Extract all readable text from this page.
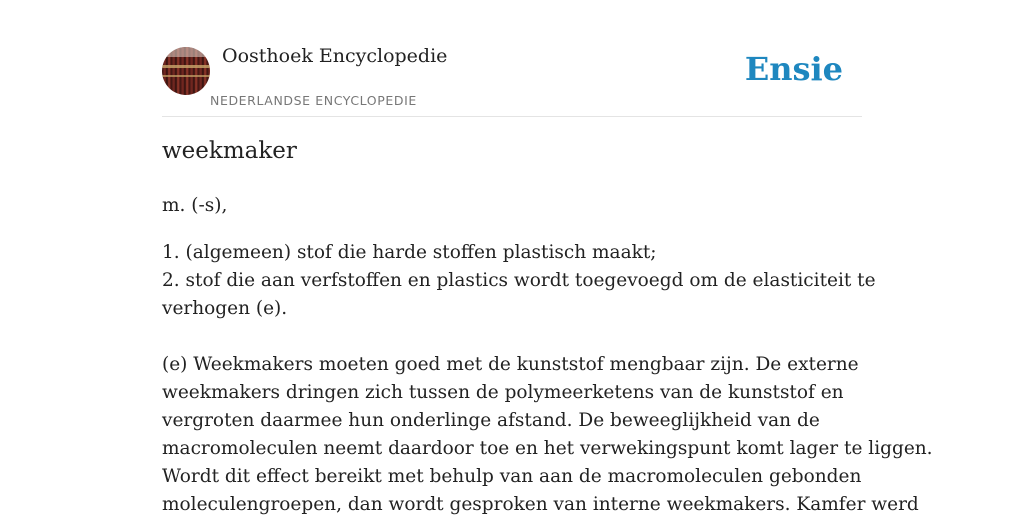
Oosthoek Encyclopedie
NEDERLANDSE ENCYCLOPEDIE
Ensie
weekmaker
m. (-s),
1. (algemeen) stof die harde stoffen plastisch maakt;
2. stof die aan verfstoffen en plastics wordt toegevoegd om de elasticiteit te
verhogen (e).
(e) Weekmakers moeten goed met de kunststof mengbaar zijn. De externe
weekmakers dringen zich tussen de polymeerketens van de kunststof en
vergroten daarmee hun onderlinge afstand. De beweeglijkheid van de
macromoleculen neemt daardoor toe en het verwekingspunt komt lager te liggen.
Wordt dit effect bereikt met behulp van aan de macromoleculen gebonden
moleculengroepen, dan wordt gesproken van interne weekmakers. Kamfer werd
